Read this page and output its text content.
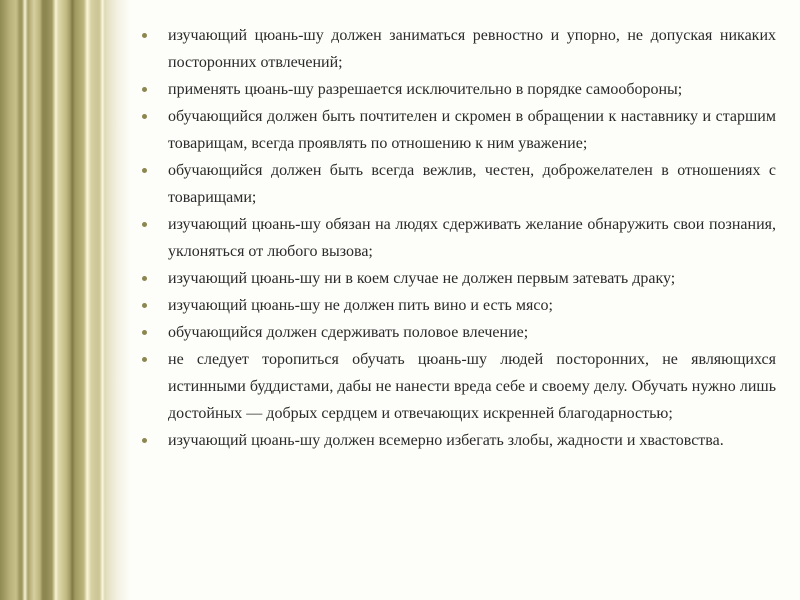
изучающий цюань-шу должен заниматься ревностно и упорно, не допуская никаких посторонних отвлечений;
применять цюань-шу разрешается исключительно в порядке самообороны;
обучающийся должен быть почтителен и скромен в обращении к наставнику и старшим товарищам, всегда проявлять по отношению к ним уважение;
обучающийся должен быть всегда вежлив, честен, доброжелателен в отношениях с товарищами;
изучающий цюань-шу обязан на людях сдерживать желание обнаружить свои познания, уклоняться от любого вызова;
изучающий цюань-шу ни в коем случае не должен первым затевать драку;
изучающий цюань-шу не должен пить вино и есть мясо;
обучающийся должен сдерживать половое влечение;
не следует торопиться обучать цюань-шу людей посторонних, не являющихся истинными буддистами, дабы не нанести вреда себе и своему делу. Обучать нужно лишь достойных — добрых сердцем и отвечающих искренней благодарностью;
изучающий цюань-шу должен всемерно избегать злобы, жадности и хвастовства.
